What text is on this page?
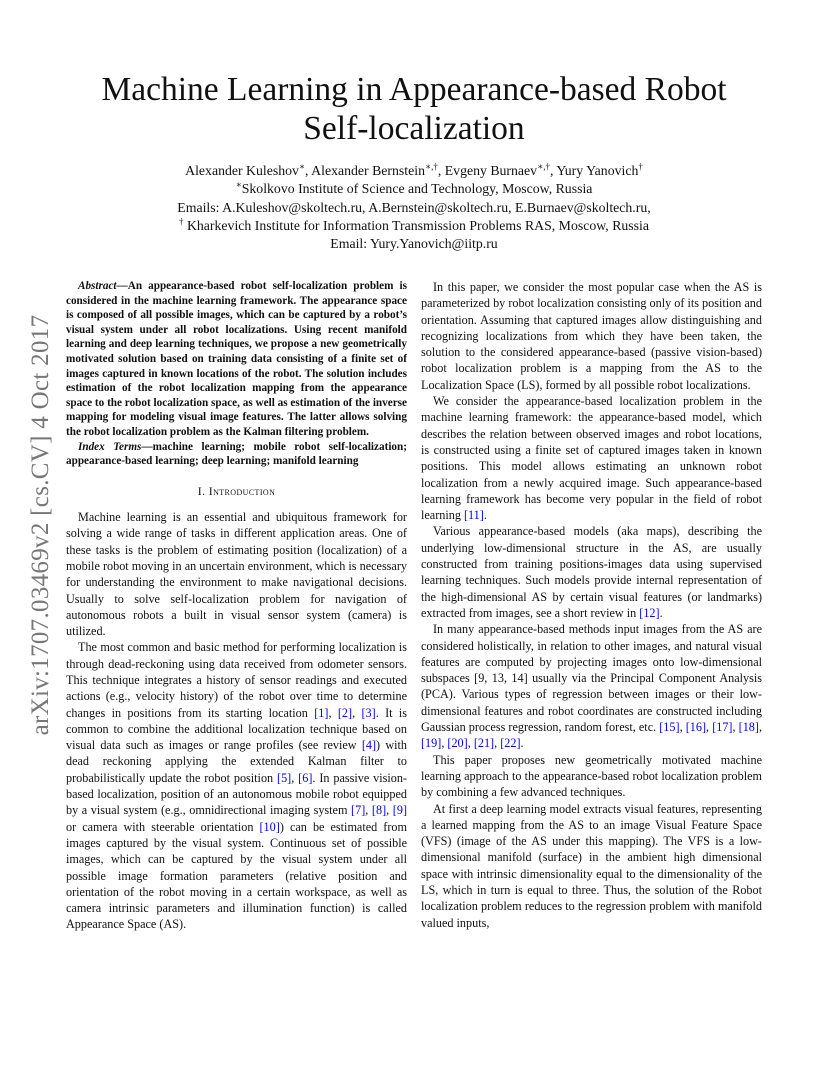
Machine Learning in Appearance-based Robot
Self-localization
Alexander Kuleshov∗, Alexander Bernstein∗,†, Evgeny Burnaev∗,†, Yury Yanovich†
∗Skolkovo Institute of Science and Technology, Moscow, Russia
Emails: A.Kuleshov@skoltech.ru, A.Bernstein@skoltech.ru, E.Burnaev@skoltech.ru,
† Kharkevich Institute for Information Transmission Problems RAS, Moscow, Russia
Email: Yury.Yanovich@iitp.ru
arXiv:1707.03469v2 [cs.CV] 4 Oct 2017

Abstract—An appearance-based robot self-localization problem is considered in the machine learning framework. The appearance space is composed of all possible images, which can be captured by a robot’s visual system under all robot localizations. Using recent manifold learning and deep learning techniques, we propose a new geometrically motivated solution based on training data consisting of a finite set of images captured in known locations of the robot. The solution includes estimation of the robot localization mapping from the appearance space to the robot localization space, as well as estimation of the inverse mapping for modeling visual image features. The latter allows solving the robot localization problem as the Kalman filtering problem.

Index Terms—machine learning; mobile robot self-localization; appearance-based learning; deep learning; manifold learning

I. Introduction

Machine learning is an essential and ubiquitous framework for solving a wide range of tasks in different application areas. One of these tasks is the problem of estimating position (localization) of a mobile robot moving in an uncertain environment, which is necessary for understanding the environment to make navigational decisions. Usually to solve self-localization problem for navigation of autonomous robots a built in visual sensor system (camera) is utilized.

The most common and basic method for performing localization is through dead-reckoning using data received from odometer sensors. This technique integrates a history of sensor readings and executed actions (e.g., velocity history) of the robot over time to determine changes in positions from its starting location [1], [2], [3]. It is common to combine the additional localization technique based on visual data such as images or range profiles (see review [4]) with dead reckoning applying the extended Kalman filter to probabilistically update the robot position [5], [6]. In passive vision-based localization, position of an autonomous mobile robot equipped by a visual system (e.g., omnidirectional imaging system [7], [8], [9] or camera with steerable orientation [10]) can be estimated from images captured by the visual system. Continuous set of possible images, which can be captured by the visual system under all possible image formation parameters (relative position and orientation of the robot moving in a certain workspace, as well as camera intrinsic parameters and illumination function) is called Appearance Space (AS).

In this paper, we consider the most popular case when the AS is parameterized by robot localization consisting only of its position and orientation. Assuming that captured images allow distinguishing and recognizing localizations from which they have been taken, the solution to the considered appearance-based (passive vision-based) robot localization problem is a mapping from the AS to the Localization Space (LS), formed by all possible robot localizations.

We consider the appearance-based localization problem in the machine learning framework: the appearance-based model, which describes the relation between observed images and robot locations, is constructed using a finite set of captured images taken in known positions. This model allows estimating an unknown robot localization from a newly acquired image. Such appearance-based learning framework has become very popular in the field of robot learning [11].

Various appearance-based models (aka maps), describing the underlying low-dimensional structure in the AS, are usually constructed from training positions-images data using supervised learning techniques. Such models provide internal representation of the high-dimensional AS by certain visual features (or landmarks) extracted from images, see a short review in [12].

In many appearance-based methods input images from the AS are considered holistically, in relation to other images, and natural visual features are computed by projecting images onto low-dimensional subspaces [9, 13, 14] usually via the Principal Component Analysis (PCA). Various types of regression between images or their low-dimensional features and robot coordinates are constructed including Gaussian process regression, random forest, etc. [15], [16], [17], [18], [19], [20], [21], [22].

This paper proposes new geometrically motivated machine learning approach to the appearance-based robot localization problem by combining a few advanced techniques.

At first a deep learning model extracts visual features, representing a learned mapping from the AS to an image Visual Feature Space (VFS) (image of the AS under this mapping). The VFS is a low-dimensional manifold (surface) in the ambient high dimensional space with intrinsic dimensionality equal to the dimensionality of the LS, which in turn is equal to three. Thus, the solution of the Robot localization problem reduces to the regression problem with manifold valued inputs,
